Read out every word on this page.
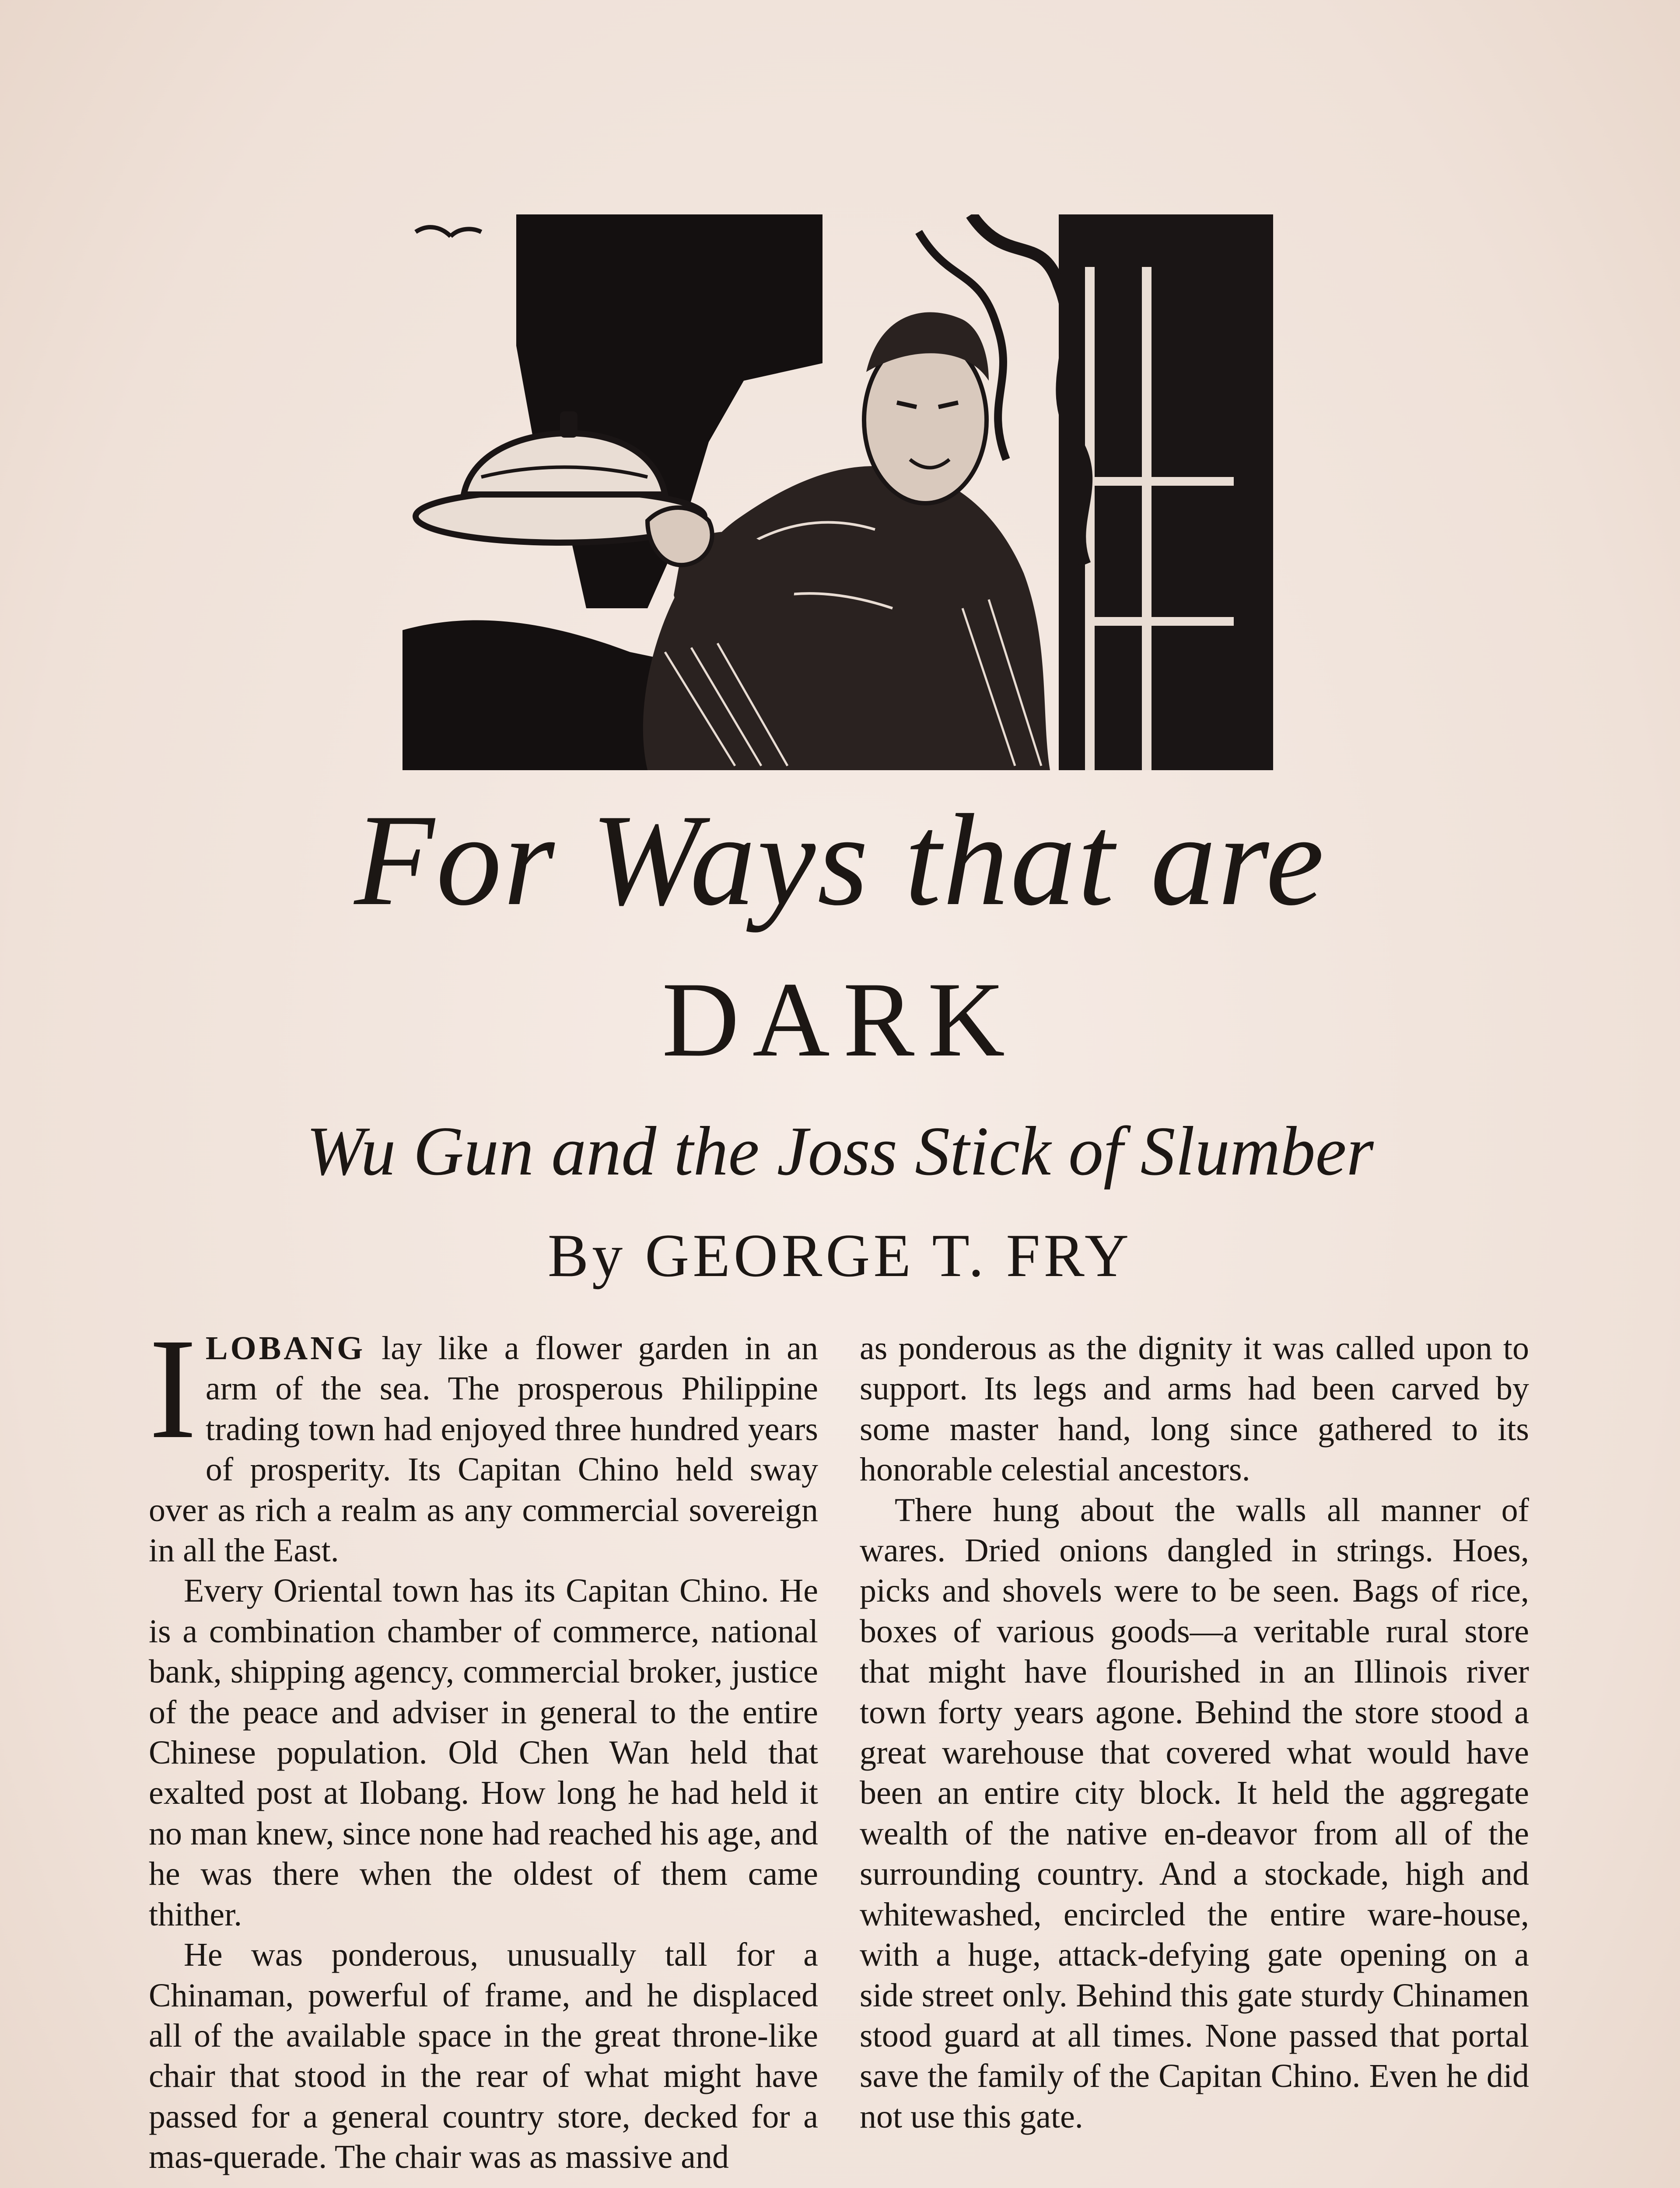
For Ways that are
DARK
Wu Gun and the Joss Stick of Slumber
By GEORGE T. FRY

ILOBANG lay like a flower garden in an arm of the sea. The prosperous Philippine trading town had enjoyed three hundred years of prosperity. Its Capitan Chino held sway over as rich a realm as any commercial sovereign in all the East.

Every Oriental town has its Capitan Chino. He is a combination chamber of commerce, national bank, shipping agency, commercial broker, justice of the peace and adviser in general to the entire Chinese population. Old Chen Wan held that exalted post at Ilobang. How long he had held it no man knew, since none had reached his age, and he was there when the oldest of them came thither.

He was ponderous, unusually tall for a Chinaman, powerful of frame, and he displaced all of the available space in the great throne-like chair that stood in the rear of what might have passed for a general country store, decked for a mas-querade. The chair was as massive and

as ponderous as the dignity it was called upon to support. Its legs and arms had been carved by some master hand, long since gathered to its honorable celestial ancestors.

There hung about the walls all manner of wares. Dried onions dangled in strings. Hoes, picks and shovels were to be seen. Bags of rice, boxes of various goods—a veritable rural store that might have flourished in an Illinois river town forty years agone. Behind the store stood a great warehouse that covered what would have been an entire city block. It held the aggregate wealth of the native en-deavor from all of the surrounding country. And a stockade, high and whitewashed, encircled the entire ware-house, with a huge, attack-defying gate opening on a side street only. Behind this gate sturdy Chinamen stood guard at all times. None passed that portal save the family of the Capitan Chino. Even he did not use this gate.
